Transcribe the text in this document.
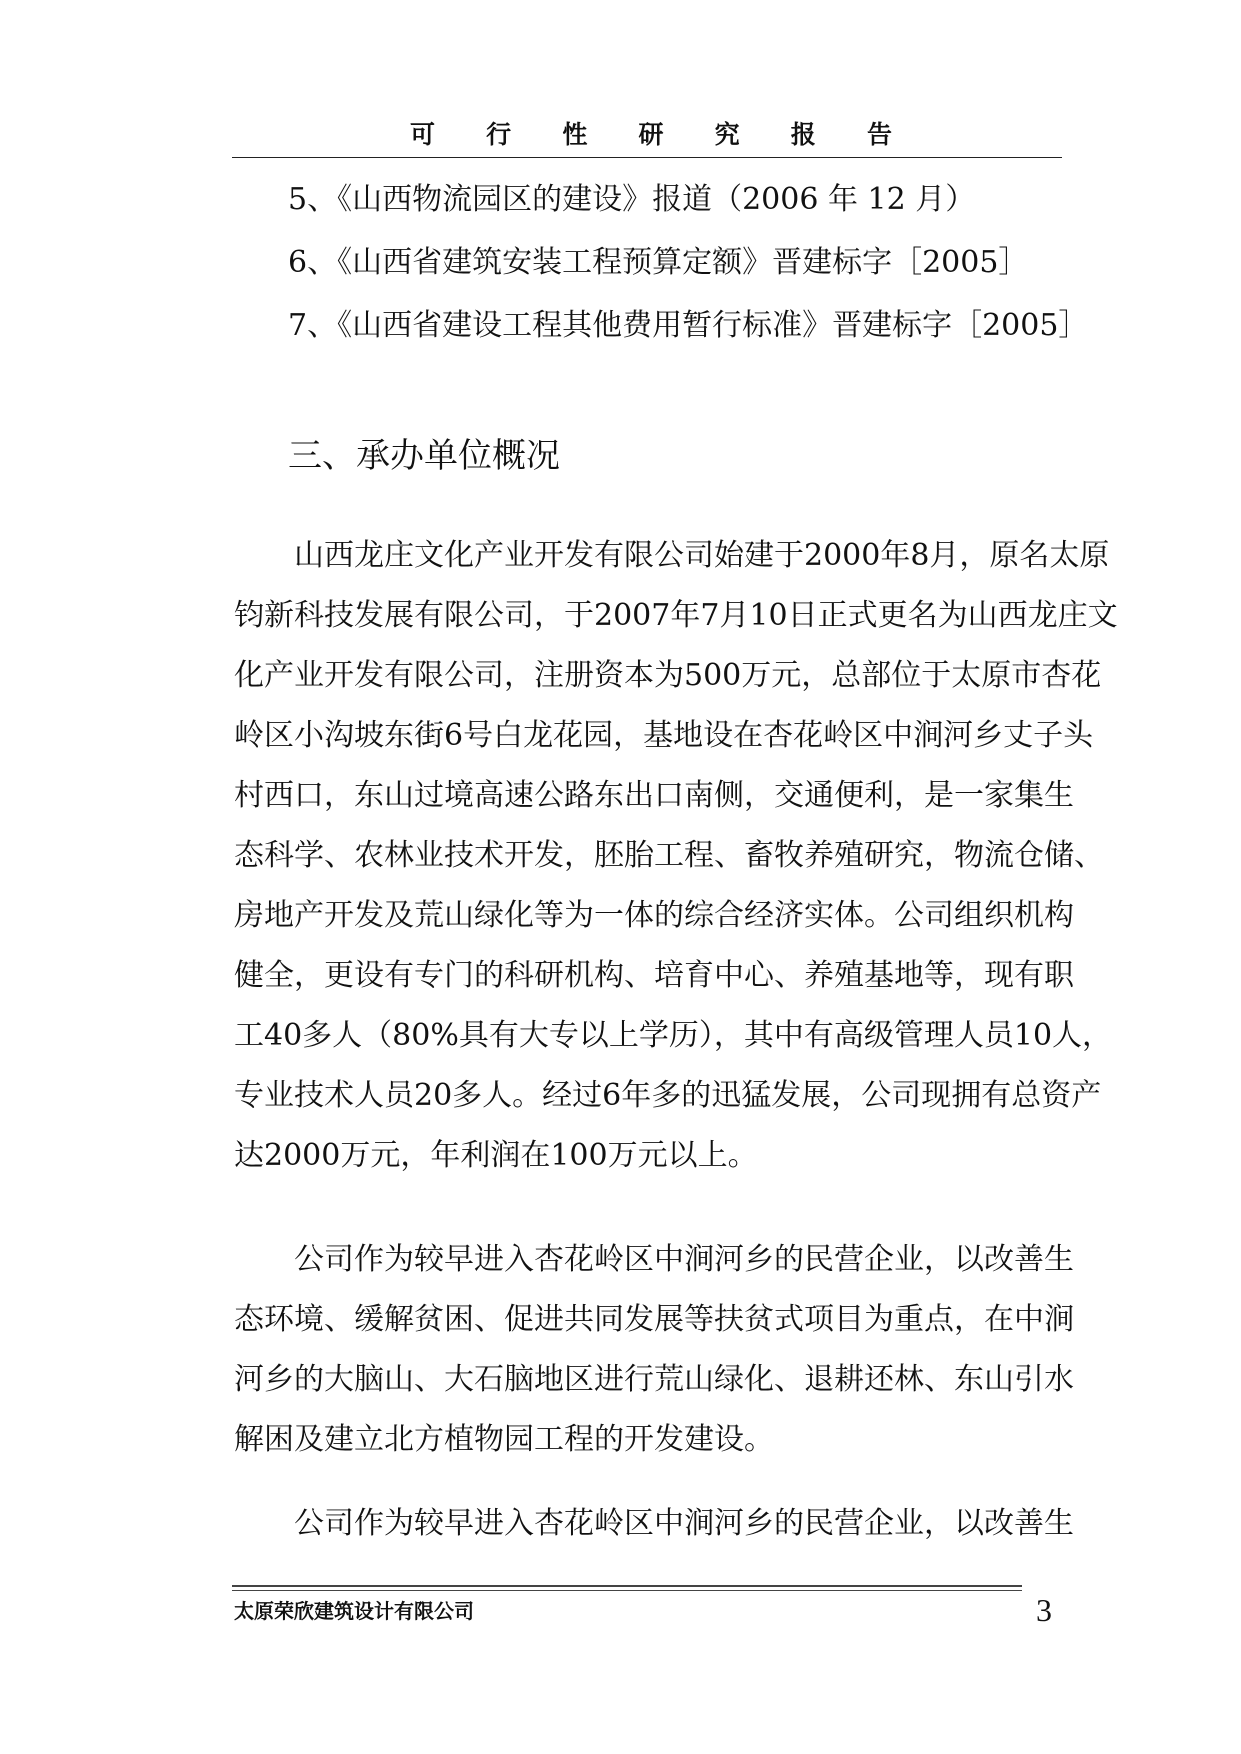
可 行 性 研 究 报 告
5、《山西物流园区的建设》报道（2006 年 12 月）
6、《山西省建筑安装工程预算定额》晋建标字［2005］
7、《山西省建设工程其他费用暂行标准》晋建标字［2005］
三、承办单位概况
山西龙庄文化产业开发有限公司始建于2000年8月，原名太原
钧新科技发展有限公司，于2007年7月10日正式更名为山西龙庄文
化产业开发有限公司，注册资本为500万元，总部位于太原市杏花
岭区小沟坡东街6号白龙花园，基地设在杏花岭区中涧河乡丈子头
村西口，东山过境高速公路东出口南侧，交通便利，是一家集生
态科学、农林业技术开发，胚胎工程、畜牧养殖研究，物流仓储、
房地产开发及荒山绿化等为一体的综合经济实体。公司组织机构
健全，更设有专门的科研机构、培育中心、养殖基地等，现有职
工40多人（80%具有大专以上学历），其中有高级管理人员10人，
专业技术人员20多人。经过6年多的迅猛发展，公司现拥有总资产
达2000万元，年利润在100万元以上。
公司作为较早进入杏花岭区中涧河乡的民营企业，以改善生
态环境、缓解贫困、促进共同发展等扶贫式项目为重点，在中涧
河乡的大脑山、大石脑地区进行荒山绿化、退耕还林、东山引水
解困及建立北方植物园工程的开发建设。
公司作为较早进入杏花岭区中涧河乡的民营企业，以改善生
太原荣欣建筑设计有限公司	3
